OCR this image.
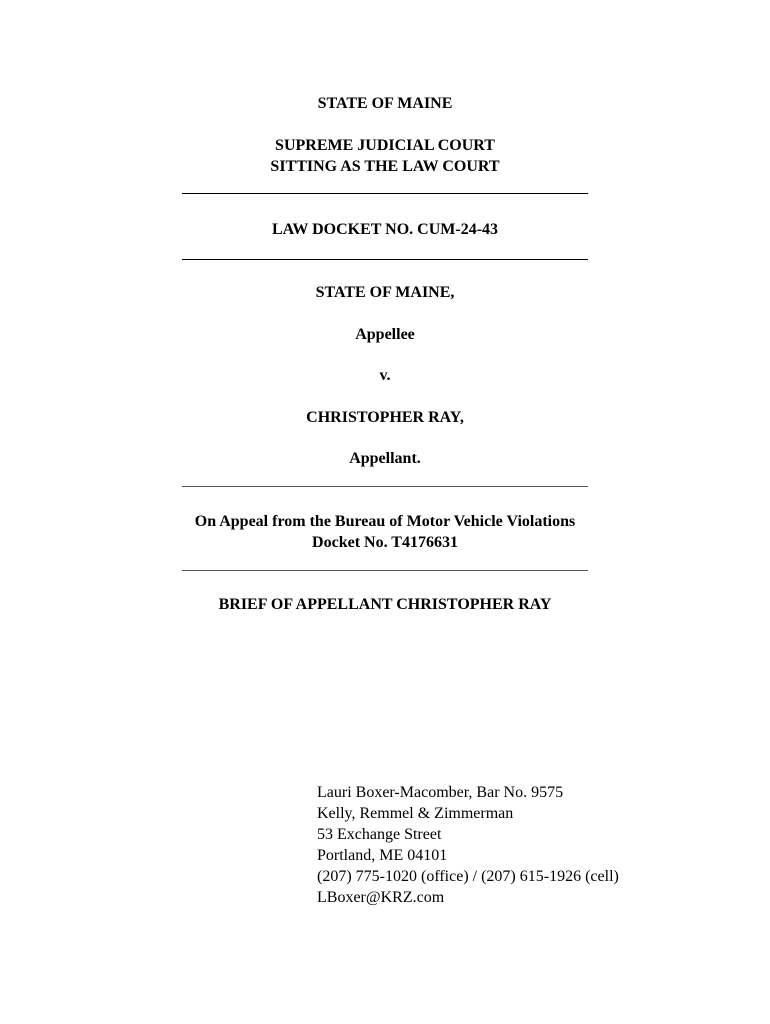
STATE OF MAINE
SUPREME JUDICIAL COURT
SITTING AS THE LAW COURT
LAW DOCKET NO. CUM-24-43
STATE OF MAINE,
Appellee
v.
CHRISTOPHER RAY,
Appellant.
On Appeal from the Bureau of Motor Vehicle Violations
Docket No. T4176631
BRIEF OF APPELLANT CHRISTOPHER RAY
Lauri Boxer-Macomber, Bar No. 9575
Kelly, Remmel & Zimmerman
53 Exchange Street
Portland, ME 04101
(207) 775-1020 (office) / (207) 615-1926 (cell)
LBoxer@KRZ.com
